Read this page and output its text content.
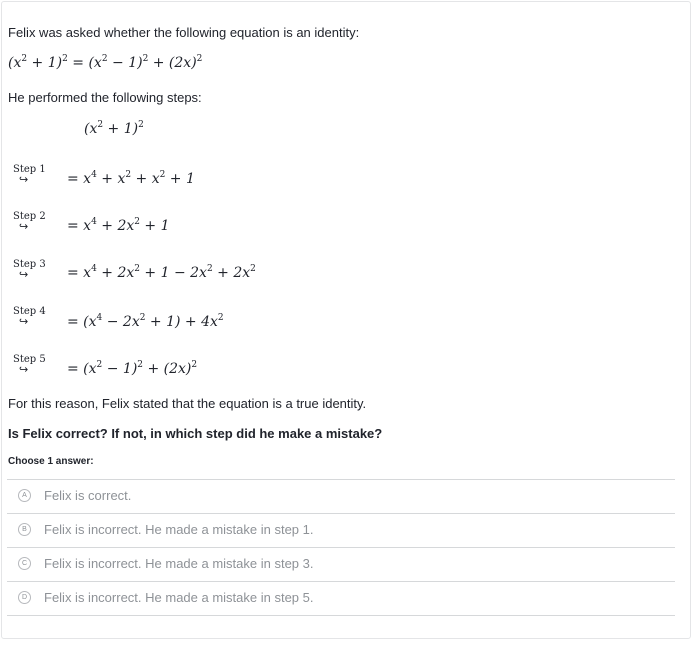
Felix was asked whether the following equation is an identity:
$(x^2 + 1)^2 = (x^2 - 1)^2 + (2x)^2$
He performed the following steps:
$(x^2 + 1)^2$
Step 1
↪	= $x^4 + x^2 + x^2 + 1$
Step 2
↪	= $x^4 + 2x^2 + 1$
Step 3
↪	= $x^4 + 2x^2 + 1 - 2x^2 + 2x^2$
Step 4
↪	= $(x^4 - 2x^2 + 1) + 4x^2$
Step 5
↪	= $(x^2 - 1)^2 + (2x)^2$
For this reason, Felix stated that the equation is a true identity.
Is Felix correct? If not, in which step did he make a mistake?
Choose 1 answer:
A	Felix is correct.
B	Felix is incorrect. He made a mistake in step 1.
C	Felix is incorrect. He made a mistake in step 3.
D	Felix is incorrect. He made a mistake in step 5.
